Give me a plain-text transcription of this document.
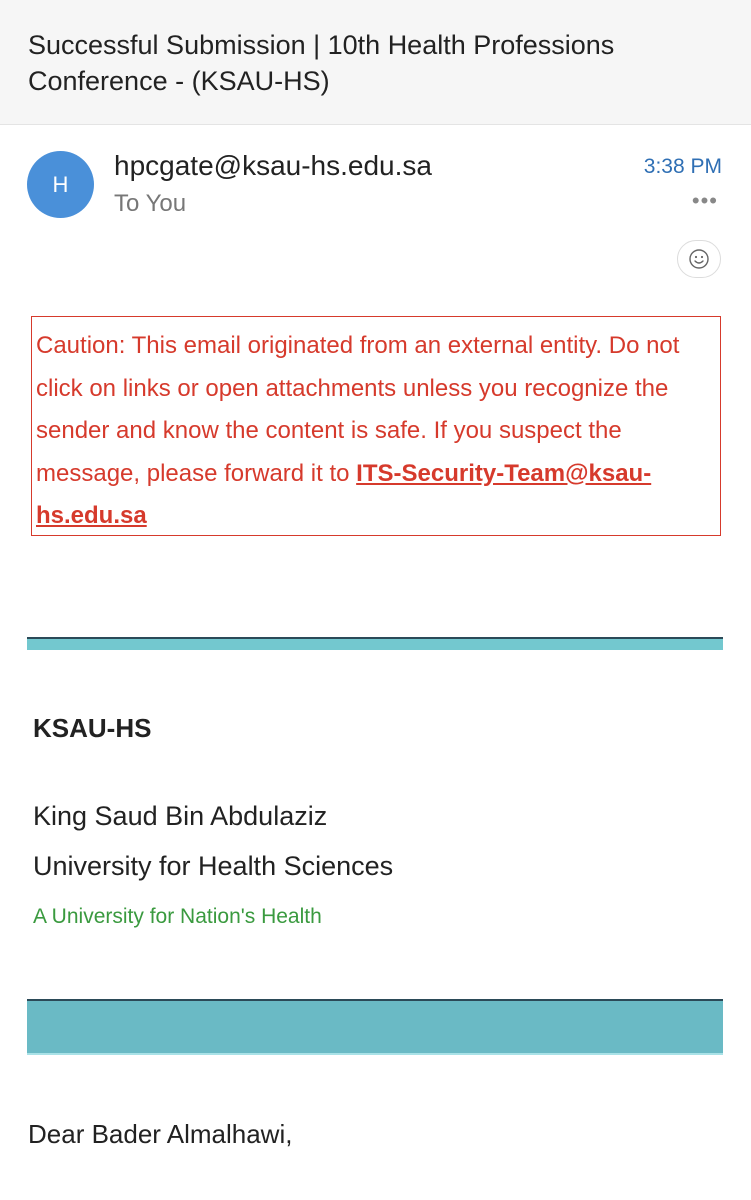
Successful Submission | 10th Health Professions Conference - (KSAU-HS)
H
hpcgate@ksau-hs.edu.sa
To You
3:38 PM
•••
Caution: This email originated from an external entity. Do not click on links or open attachments unless you recognize the sender and know the content is safe. If you suspect the message, please forward it to ITS-Security-Team@ksau-hs.edu.sa
KSAU-HS
King Saud Bin Abdulaziz
University for Health Sciences
A University for Nation's Health
Dear Bader Almalhawi,
